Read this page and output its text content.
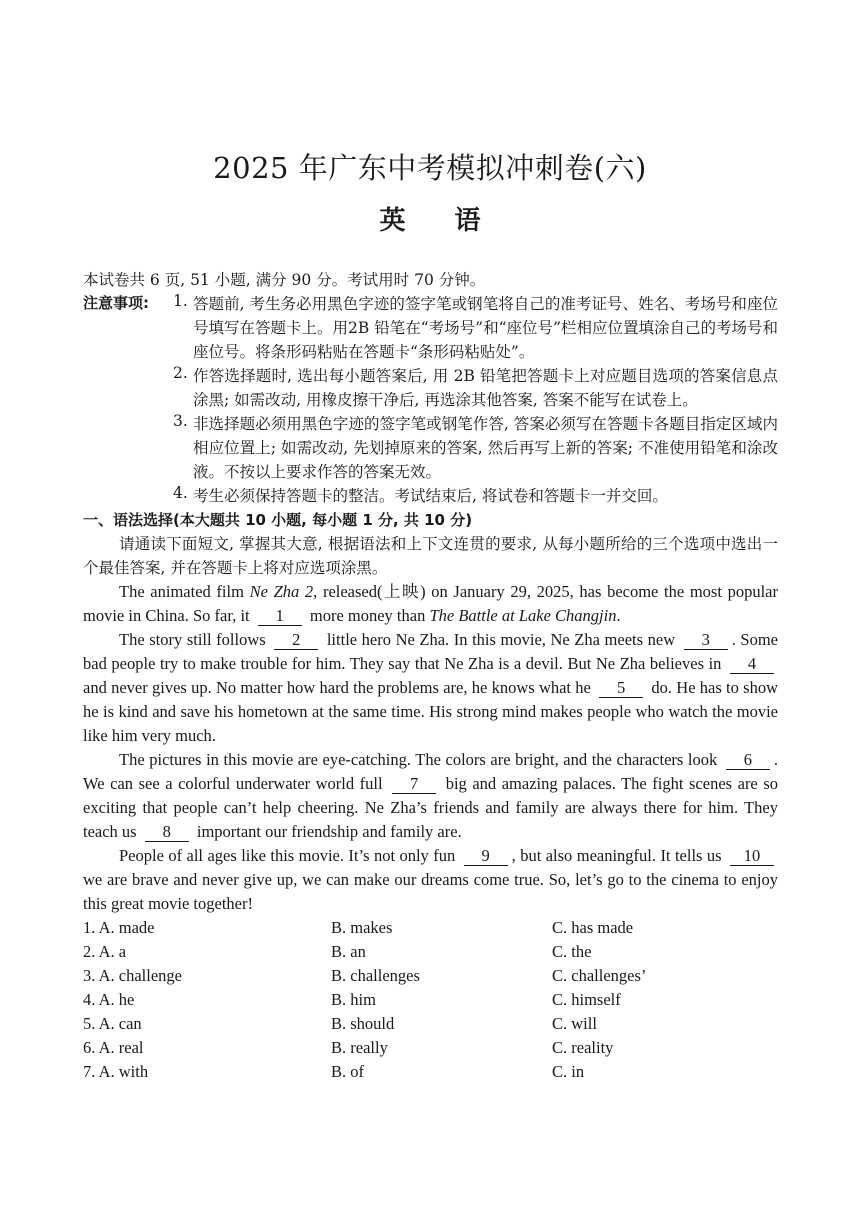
2025 年广东中考模拟冲刺卷(六)
英 语
本试卷共 6 页, 51 小题, 满分 90 分。考试用时 70 分钟。
注意事项:	1. 答题前, 考生务必用黑色字迹的签字笔或钢笔将自己的准考证号、姓名、考场号和座位号填写在答题卡上。用2B 铅笔在“考场号”和“座位号”栏相应位置填涂自己的考场号和座位号。将条形码粘贴在答题卡“条形码粘贴处”。
2. 作答选择题时, 选出每小题答案后, 用 2B 铅笔把答题卡上对应题目选项的答案信息点涂黑; 如需改动, 用橡皮擦干净后, 再选涂其他答案, 答案不能写在试卷上。
3. 非选择题必须用黑色字迹的签字笔或钢笔作答, 答案必须写在答题卡各题目指定区域内相应位置上; 如需改动, 先划掉原来的答案, 然后再写上新的答案; 不准使用铅笔和涂改液。不按以上要求作答的答案无效。
4. 考生必须保持答题卡的整洁。考试结束后, 将试卷和答题卡一并交回。
一、语法选择(本大题共 10 小题, 每小题 1 分, 共 10 分)
请通读下面短文, 掌握其大意, 根据语法和上下文连贯的要求, 从每小题所给的三个选项中选出一个最佳答案, 并在答题卡上将对应选项涂黑。
The animated film Ne Zha 2, released(上映) on January 29, 2025, has become the most popular movie in China. So far, it 1 more money than The Battle at Lake Changjin.
The story still follows 2 little hero Ne Zha. In this movie, Ne Zha meets new 3 . Some bad people try to make trouble for him. They say that Ne Zha is a devil. But Ne Zha believes in 4 and never gives up. No matter how hard the problems are, he knows what he 5 do. He has to show he is kind and save his hometown at the same time. His strong mind makes people who watch the movie like him very much.
The pictures in this movie are eye-catching. The colors are bright, and the characters look 6 . We can see a colorful underwater world full 7 big and amazing palaces. The fight scenes are so exciting that people can’t help cheering. Ne Zha’s friends and family are always there for him. They teach us 8 important our friendship and family are.
People of all ages like this movie. It’s not only fun 9 , but also meaningful. It tells us 10 we are brave and never give up, we can make our dreams come true. So, let’s go to the cinema to enjoy this great movie together!
1. A. made	B. makes	C. has made
2. A. a	B. an	C. the
3. A. challenge	B. challenges	C. challenges’
4. A. he	B. him	C. himself
5. A. can	B. should	C. will
6. A. real	B. really	C. reality
7. A. with	B. of	C. in
